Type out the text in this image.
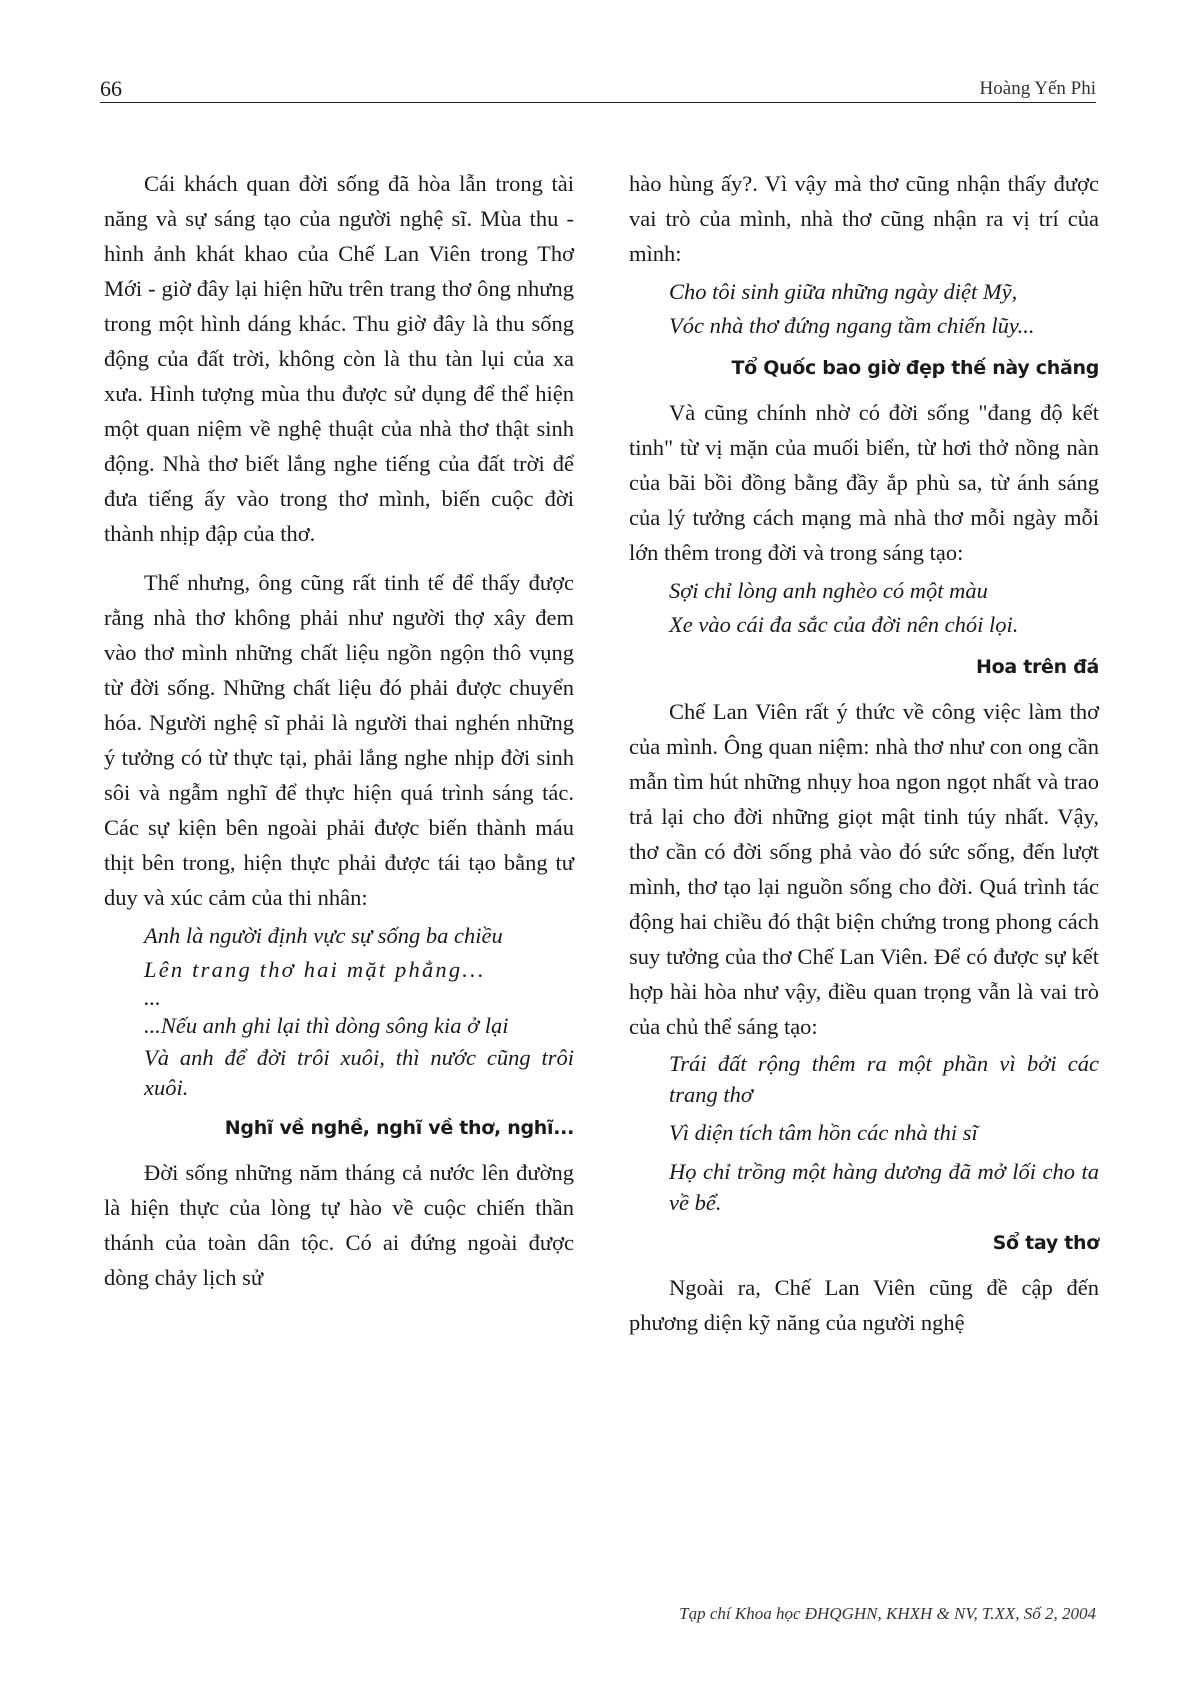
66	Hoàng Yến Phi

Cái khách quan đời sống đã hòa lẫn trong tài năng và sự sáng tạo của người nghệ sĩ. Mùa thu - hình ảnh khát khao của Chế Lan Viên trong Thơ Mới - giờ đây lại hiện hữu trên trang thơ ông nhưng trong một hình dáng khác. Thu giờ đây là thu sống động của đất trời, không còn là thu tàn lụi của xa xưa. Hình tượng mùa thu được sử dụng để thể hiện một quan niệm về nghệ thuật của nhà thơ thật sinh động. Nhà thơ biết lắng nghe tiếng của đất trời để đưa tiếng ấy vào trong thơ mình, biến cuộc đời thành nhịp đập của thơ.

Thế nhưng, ông cũng rất tinh tế để thấy được rằng nhà thơ không phải như người thợ xây đem vào thơ mình những chất liệu ngồn ngộn thô vụng từ đời sống. Những chất liệu đó phải được chuyển hóa. Người nghệ sĩ phải là người thai nghén những ý tưởng có từ thực tại, phải lắng nghe nhịp đời sinh sôi và ngẫm nghĩ để thực hiện quá trình sáng tác. Các sự kiện bên ngoài phải được biến thành máu thịt bên trong, hiện thực phải được tái tạo bằng tư duy và xúc cảm của thi nhân:

Anh là người định vực sự sống ba chiều
Lên trang thơ hai mặt phẳng...
...
...Nếu anh ghi lại thì dòng sông kia ở lại
Và anh để đời trôi xuôi, thì nước cũng trôi xuôi.
Nghĩ về nghề, nghĩ về thơ, nghĩ...

Đời sống những năm tháng cả nước lên đường là hiện thực của lòng tự hào về cuộc chiến thần thánh của toàn dân tộc. Có ai đứng ngoài được dòng chảy lịch sử

hào hùng ấy?. Vì vậy mà thơ cũng nhận thấy được vai trò của mình, nhà thơ cũng nhận ra vị trí của mình:

Cho tôi sinh giữa những ngày diệt Mỹ,
Vóc nhà thơ đứng ngang tầm chiến lũy...
Tổ Quốc bao giờ đẹp thế này chăng

Và cũng chính nhờ có đời sống "đang độ kết tinh" từ vị mặn của muối biển, từ hơi thở nồng nàn của bãi bồi đồng bằng đầy ắp phù sa, từ ánh sáng của lý tưởng cách mạng mà nhà thơ mỗi ngày mỗi lớn thêm trong đời và trong sáng tạo:

Sợi chỉ lòng anh nghèo có một màu
Xe vào cái đa sắc của đời nên chói lọi.
Hoa trên đá

Chế Lan Viên rất ý thức về công việc làm thơ của mình. Ông quan niệm: nhà thơ như con ong cần mẫn tìm hút những nhụy hoa ngon ngọt nhất và trao trả lại cho đời những giọt mật tinh túy nhất. Vậy, thơ cần có đời sống phả vào đó sức sống, đến lượt mình, thơ tạo lại nguồn sống cho đời. Quá trình tác động hai chiều đó thật biện chứng trong phong cách suy tưởng của thơ Chế Lan Viên. Để có được sự kết hợp hài hòa như vậy, điều quan trọng vẫn là vai trò của chủ thể sáng tạo:

Trái đất rộng thêm ra một phần vì bởi các trang thơ
Vì diện tích tâm hồn các nhà thi sĩ
Họ chỉ trồng một hàng dương đã mở lối cho ta về bể.
Sổ tay thơ

Ngoài ra, Chế Lan Viên cũng đề cập đến phương diện kỹ năng của người nghệ

Tạp chí Khoa học ĐHQGHN, KHXH & NV, T.XX, Số 2, 2004
